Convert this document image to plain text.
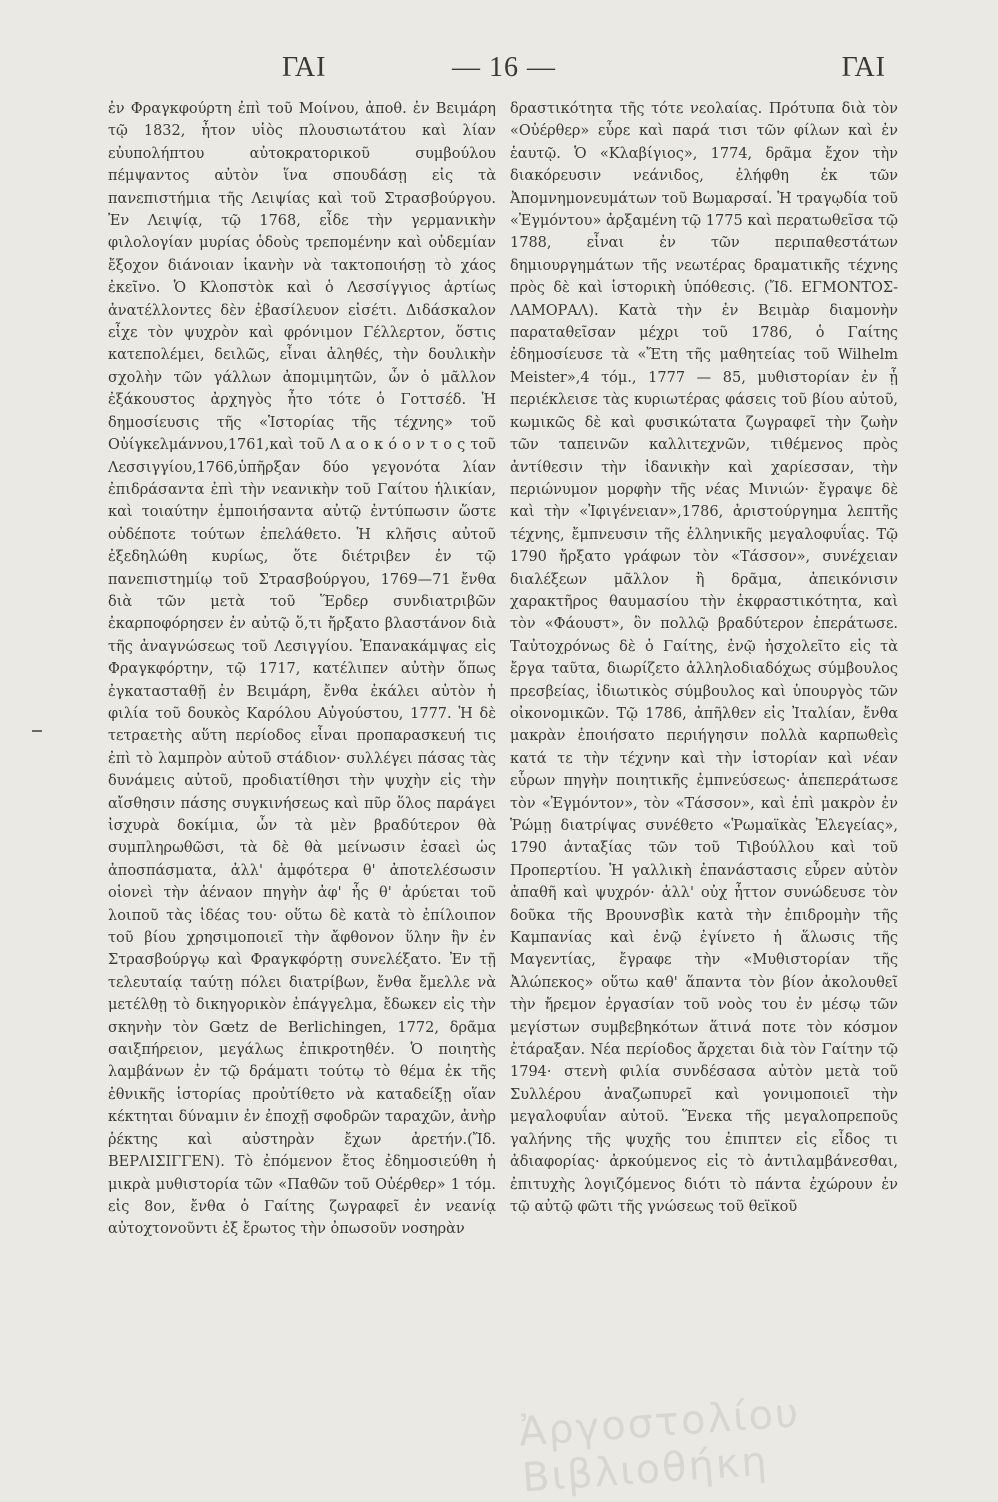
ΓΑΙ	— 16 —	ΓΑΙ

ἐν Φραγκφούρτη ἐπὶ τοῦ Μοίνου, ἀποθ. ἐν Βειμάρη τῷ 1832, ἦτον υἱὸς πλουσιωτάτου καὶ λίαν εὐυπολήπτου αὐτοκρατορικοῦ συμβούλου πέμψαντος αὐτὸν ἵνα σπουδάσῃ εἰς τὰ πανεπιστήμια τῆς Λειψίας καὶ τοῦ Στρασβούργου. Ἐν Λειψίᾳ, τῷ 1768, εἶδε τὴν γερμανικὴν φιλολογίαν μυρίας ὁδοὺς τρεπομένην καὶ οὐδεμίαν ἔξοχον διάνοιαν ἱκανὴν νὰ τακτοποιήσῃ τὸ χάος ἐκεῖνο. Ὁ Κλοπστὸκ καὶ ὁ Λεσσίγγιος ἀρτίως ἀνατέλλοντες δὲν ἐβασίλευον εἰσέτι. Διδάσκαλον εἶχε τὸν ψυχρὸν καὶ φρόνιμον Γέλλερτον, ὅστις κατεπολέμει, δειλῶς, εἶναι ἀληθές, τὴν δουλικὴν σχολὴν τῶν γάλλων ἀπομιμητῶν, ὧν ὁ μᾶλλον ἐξάκουστος ἀρχηγὸς ἦτο τότε ὁ Γοττσέδ. Ἡ δημοσίευσις τῆς «Ἱστορίας τῆς τέχνης» τοῦ Οὐίγκελμάννου,1761,καὶ τοῦ Λ α ο κ ό ο ν τ ο ς τοῦ Λεσσιγγίου,1766,ὑπῆρξαν δύο γεγονότα λίαν ἐπιδράσαντα ἐπὶ τὴν νεανικὴν τοῦ Γαίτου ἡλικίαν, καὶ τοιαύτην ἐμποιήσαντα αὐτῷ ἐντύπωσιν ὥστε οὐδέποτε τούτων ἐπελάθετο. Ἡ κλῆσις αὐτοῦ ἐξεδηλώθη κυρίως, ὅτε διέτριβεν ἐν τῷ πανεπιστημίῳ τοῦ Στρασβούργου, 1769—71 ἔνθα διὰ τῶν μετὰ τοῦ Ἕρδερ συνδιατριβῶν ἐκαρποφόρησεν ἐν αὐτῷ ὅ,τι ἤρξατο βλαστάνον διὰ τῆς ἀναγνώσεως τοῦ Λεσιγγίου. Ἐπανακάμψας εἰς Φραγκφόρτην, τῷ 1717, κατέλιπεν αὐτὴν ὅπως ἐγκατασταθῇ ἐν Βειμάρη, ἔνθα ἐκάλει αὐτὸν ἡ φιλία τοῦ δουκὸς Καρόλου Αὐγούστου, 1777. Ἡ δὲ τετραετὴς αὕτη περίοδος εἶναι προπαρασκευή τις ἐπὶ τὸ λαμπρὸν αὐτοῦ στάδιον· συλλέγει πάσας τὰς δυνάμεις αὐτοῦ, προδιατίθησι τὴν ψυχὴν εἰς τὴν αἴσθησιν πάσης συγκινήσεως καὶ πῦρ ὅλος παράγει ἰσχυρὰ δοκίμια, ὧν τὰ μὲν βραδύτερον θὰ συμπληρωθῶσι, τὰ δὲ θὰ μείνωσιν ἐσαεὶ ὡς ἀποσπάσματα, ἀλλ' ἀμφότερα θ' ἀποτελέσωσιν οἱονεὶ τὴν ἀέναον πηγὴν ἀφ' ἧς θ' ἀρύεται τοῦ λοιποῦ τὰς ἰδέας του· οὕτω δὲ κατὰ τὸ ἐπίλοιπον τοῦ βίου χρησιμοποιεῖ τὴν ἄφθονον ὕλην ἣν ἐν Στρασβούργῳ καὶ Φραγκφόρτῃ συνελέξατο. Ἐν τῇ τελευταίᾳ ταύτῃ πόλει διατρίβων, ἔνθα ἔμελλε νὰ μετέλθῃ τὸ δικηγορικὸν ἐπάγγελμα, ἔδωκεν εἰς τὴν σκηνὴν τὸν Gœtz de Berlichingen, 1772, δρᾶμα σαιξπήρειον, μεγάλως ἐπικροτηθέν. Ὁ ποιητὴς λαμβάνων ἐν τῷ δράματι τούτῳ τὸ θέμα ἐκ τῆς ἐθνικῆς ἱστορίας προὐτίθετο νὰ καταδείξῃ οἵαν κέκτηται δύναμιν ἐν ἐποχῇ σφοδρῶν ταραχῶν, ἀνὴρ ῥέκτης καὶ αὐστηρὰν ἔχων ἀρετήν.(Ἴδ. ΒΕΡΛΙΣΙΓΓΕΝ). Τὸ ἐπόμενον ἔτος ἐδημοσιεύθη ἡ μικρὰ μυθιστορία τῶν «Παθῶν τοῦ Οὐέρθερ» 1 τόμ. εἰς 8ον, ἔνθα ὁ Γαίτης ζωγραφεῖ ἐν νεανίᾳ αὐτοχτονοῦντι ἐξ ἔρωτος τὴν ὀπωσοῦν νοσηρὰν

δραστικότητα τῆς τότε νεολαίας. Πρότυπα διὰ τὸν «Οὐέρθερ» εὗρε καὶ παρά τισι τῶν φίλων καὶ ἐν ἑαυτῷ. Ὁ «Κλαβίγιος», 1774, δρᾶμα ἔχον τὴν διακόρευσιν νεάνιδος, ἐλήφθη ἐκ τῶν Ἀπομνημονευμάτων τοῦ Βωμαρσαί. Ἡ τραγῳδία τοῦ «Ἐγμόντου» ἀρξαμένη τῷ 1775 καὶ περατωθεῖσα τῷ 1788, εἶναι ἐν τῶν περιπαθεστάτων δημιουργημάτων τῆς νεωτέρας δραματικῆς τέχνης πρὸς δὲ καὶ ἱστορικὴ ὑπόθεσις. (Ἴδ. ΕΓΜΟΝΤΟΣ-ΛΑΜΟΡΑΛ). Κατὰ τὴν ἐν Βειμὰρ διαμονὴν παραταθεῖσαν μέχρι τοῦ 1786, ὁ Γαίτης ἐδημοσίευσε τὰ «Ἔτη τῆς μαθητείας τοῦ Wilhelm Meister»,4 τόμ., 1777 — 85, μυθιστορίαν ἐν ᾗ περιέκλεισε τὰς κυριωτέρας φάσεις τοῦ βίου αὐτοῦ, κωμικῶς δὲ καὶ φυσικώτατα ζωγραφεῖ τὴν ζωὴν τῶν ταπεινῶν καλλιτεχνῶν, τιθέμενος πρὸς ἀντίθεσιν τὴν ἰδανικὴν καὶ χαρίεσσαν, τὴν περιώνυμον μορφὴν τῆς νέας Μινιών· ἔγραψε δὲ καὶ τὴν «Ἰφιγένειαν»,1786, ἀριστούργημα λεπτῆς τέχνης, ἔμπνευσιν τῆς ἑλληνικῆς μεγαλοφυΐας. Τῷ 1790 ἤρξατο γράφων τὸν «Τάσσον», συνέχειαν διαλέξεων μᾶλλον ἢ δρᾶμα, ἀπεικόνισιν χαρακτῆρος θαυμασίου τὴν ἐκφραστικότητα, καὶ τὸν «Φάουστ», ὃν πολλῷ βραδύτερον ἐπεράτωσε. Ταὐτοχρόνως δὲ ὁ Γαίτης, ἐνῷ ἠσχολεῖτο εἰς τὰ ἔργα ταῦτα, διωρίζετο ἀλληλοδιαδόχως σύμβουλος πρεσβείας, ἰδιωτικὸς σύμβουλος καὶ ὑπουργὸς τῶν οἰκονομικῶν. Τῷ 1786, ἀπῆλθεν εἰς Ἰταλίαν, ἔνθα μακρὰν ἐποιήσατο περιήγησιν πολλὰ καρπωθεὶς κατά τε τὴν τέχνην καὶ τὴν ἱστορίαν καὶ νέαν εὗρων πηγὴν ποιητικῆς ἐμπνεύσεως· ἀπεπεράτωσε τὸν «Ἐγμόντον», τὸν «Τάσσον», καὶ ἐπὶ μακρὸν ἐν Ῥώμῃ διατρίψας συνέθετο «Ῥωμαϊκὰς Ἐλεγείας», 1790 ἀνταξίας τῶν τοῦ Τιβούλλου καὶ τοῦ Προπερτίου. Ἡ γαλλικὴ ἐπανάστασις εὗρεν αὐτὸν ἀπαθῆ καὶ ψυχρόν· ἀλλ' οὐχ ἧττον συνώδευσε τὸν δοῦκα τῆς Βρουνσβὶκ κατὰ τὴν ἐπιδρομὴν τῆς Καμπανίας καὶ ἐνῷ ἐγίνετο ἡ ἅλωσις τῆς Μαγεντίας, ἔγραφε τὴν «Μυθιστορίαν τῆς Ἀλώπεκος» οὕτω καθ' ἅπαντα τὸν βίον ἀκολουθεῖ τὴν ἤρεμον ἐργασίαν τοῦ νοὸς του ἐν μέσῳ τῶν μεγίστων συμβεβηκότων ἅτινά ποτε τὸν κόσμον ἐτάραξαν. Νέα περίοδος ἄρχεται διὰ τὸν Γαίτην τῷ 1794· στενὴ φιλία συνδέσασα αὐτὸν μετὰ τοῦ Συλλέρου ἀναζωπυρεῖ καὶ γονιμοποιεῖ τὴν μεγαλοφυΐαν αὐτοῦ. Ἕνεκα τῆς μεγαλοπρεποῦς γαλήνης τῆς ψυχῆς του ἐπιπτεν εἰς εἶδος τι ἀδιαφορίας· ἀρκούμενος εἰς τὸ ἀντιλαμβάνεσθαι, ἐπιτυχὴς λογιζόμενος διότι τὸ πάντα ἐχώρουν ἐν τῷ αὐτῷ φῶτι τῆς γνώσεως τοῦ θεϊκοῦ

Ἀργοστολίου Βιβλιοθήκη
